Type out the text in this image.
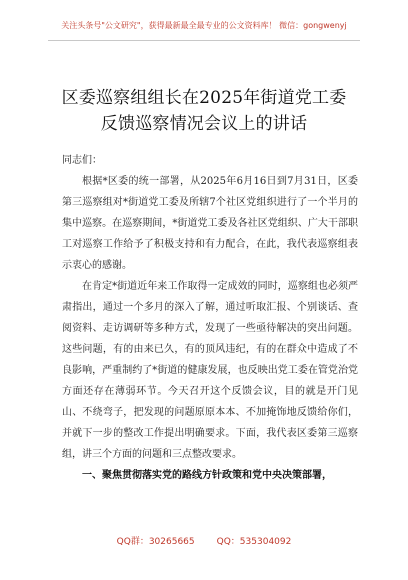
关注头条号"公文研究"，获得最新最全最专业的公文资料库！ 微信：gongwenyj
区委巡察组组长在2025年街道党工委
反馈巡察情况会议上的讲话

同志们：

根据*区委的统一部署，从2025年6月16日到7月31日，区委第三巡察组对*街道党工委及所辖7个社区党组织进行了一个半月的集中巡察。在巡察期间，*街道党工委及各社区党组织、广大干部职工对巡察工作给予了积极支持和有力配合，在此，我代表巡察组表示衷心的感谢。

在肯定*街道近年来工作取得一定成效的同时，巡察组也必须严肃指出，通过一个多月的深入了解，通过听取汇报、个别谈话、查阅资料、走访调研等多种方式，发现了一些亟待解决的突出问题。这些问题，有的由来已久，有的顶风违纪，有的在群众中造成了不良影响，严重制约了*街道的健康发展，也反映出党工委在管党治党方面还存在薄弱环节。今天召开这个反馈会议，目的就是开门见山、不绕弯子，把发现的问题原原本本、不加掩饰地反馈给你们，并就下一步的整改工作提出明确要求。下面，我代表区委第三巡察组，讲三个方面的问题和三点整改要求。

一、聚焦贯彻落实党的路线方针政策和党中央决策部署，

QQ群：30265665 QQ：535304092
